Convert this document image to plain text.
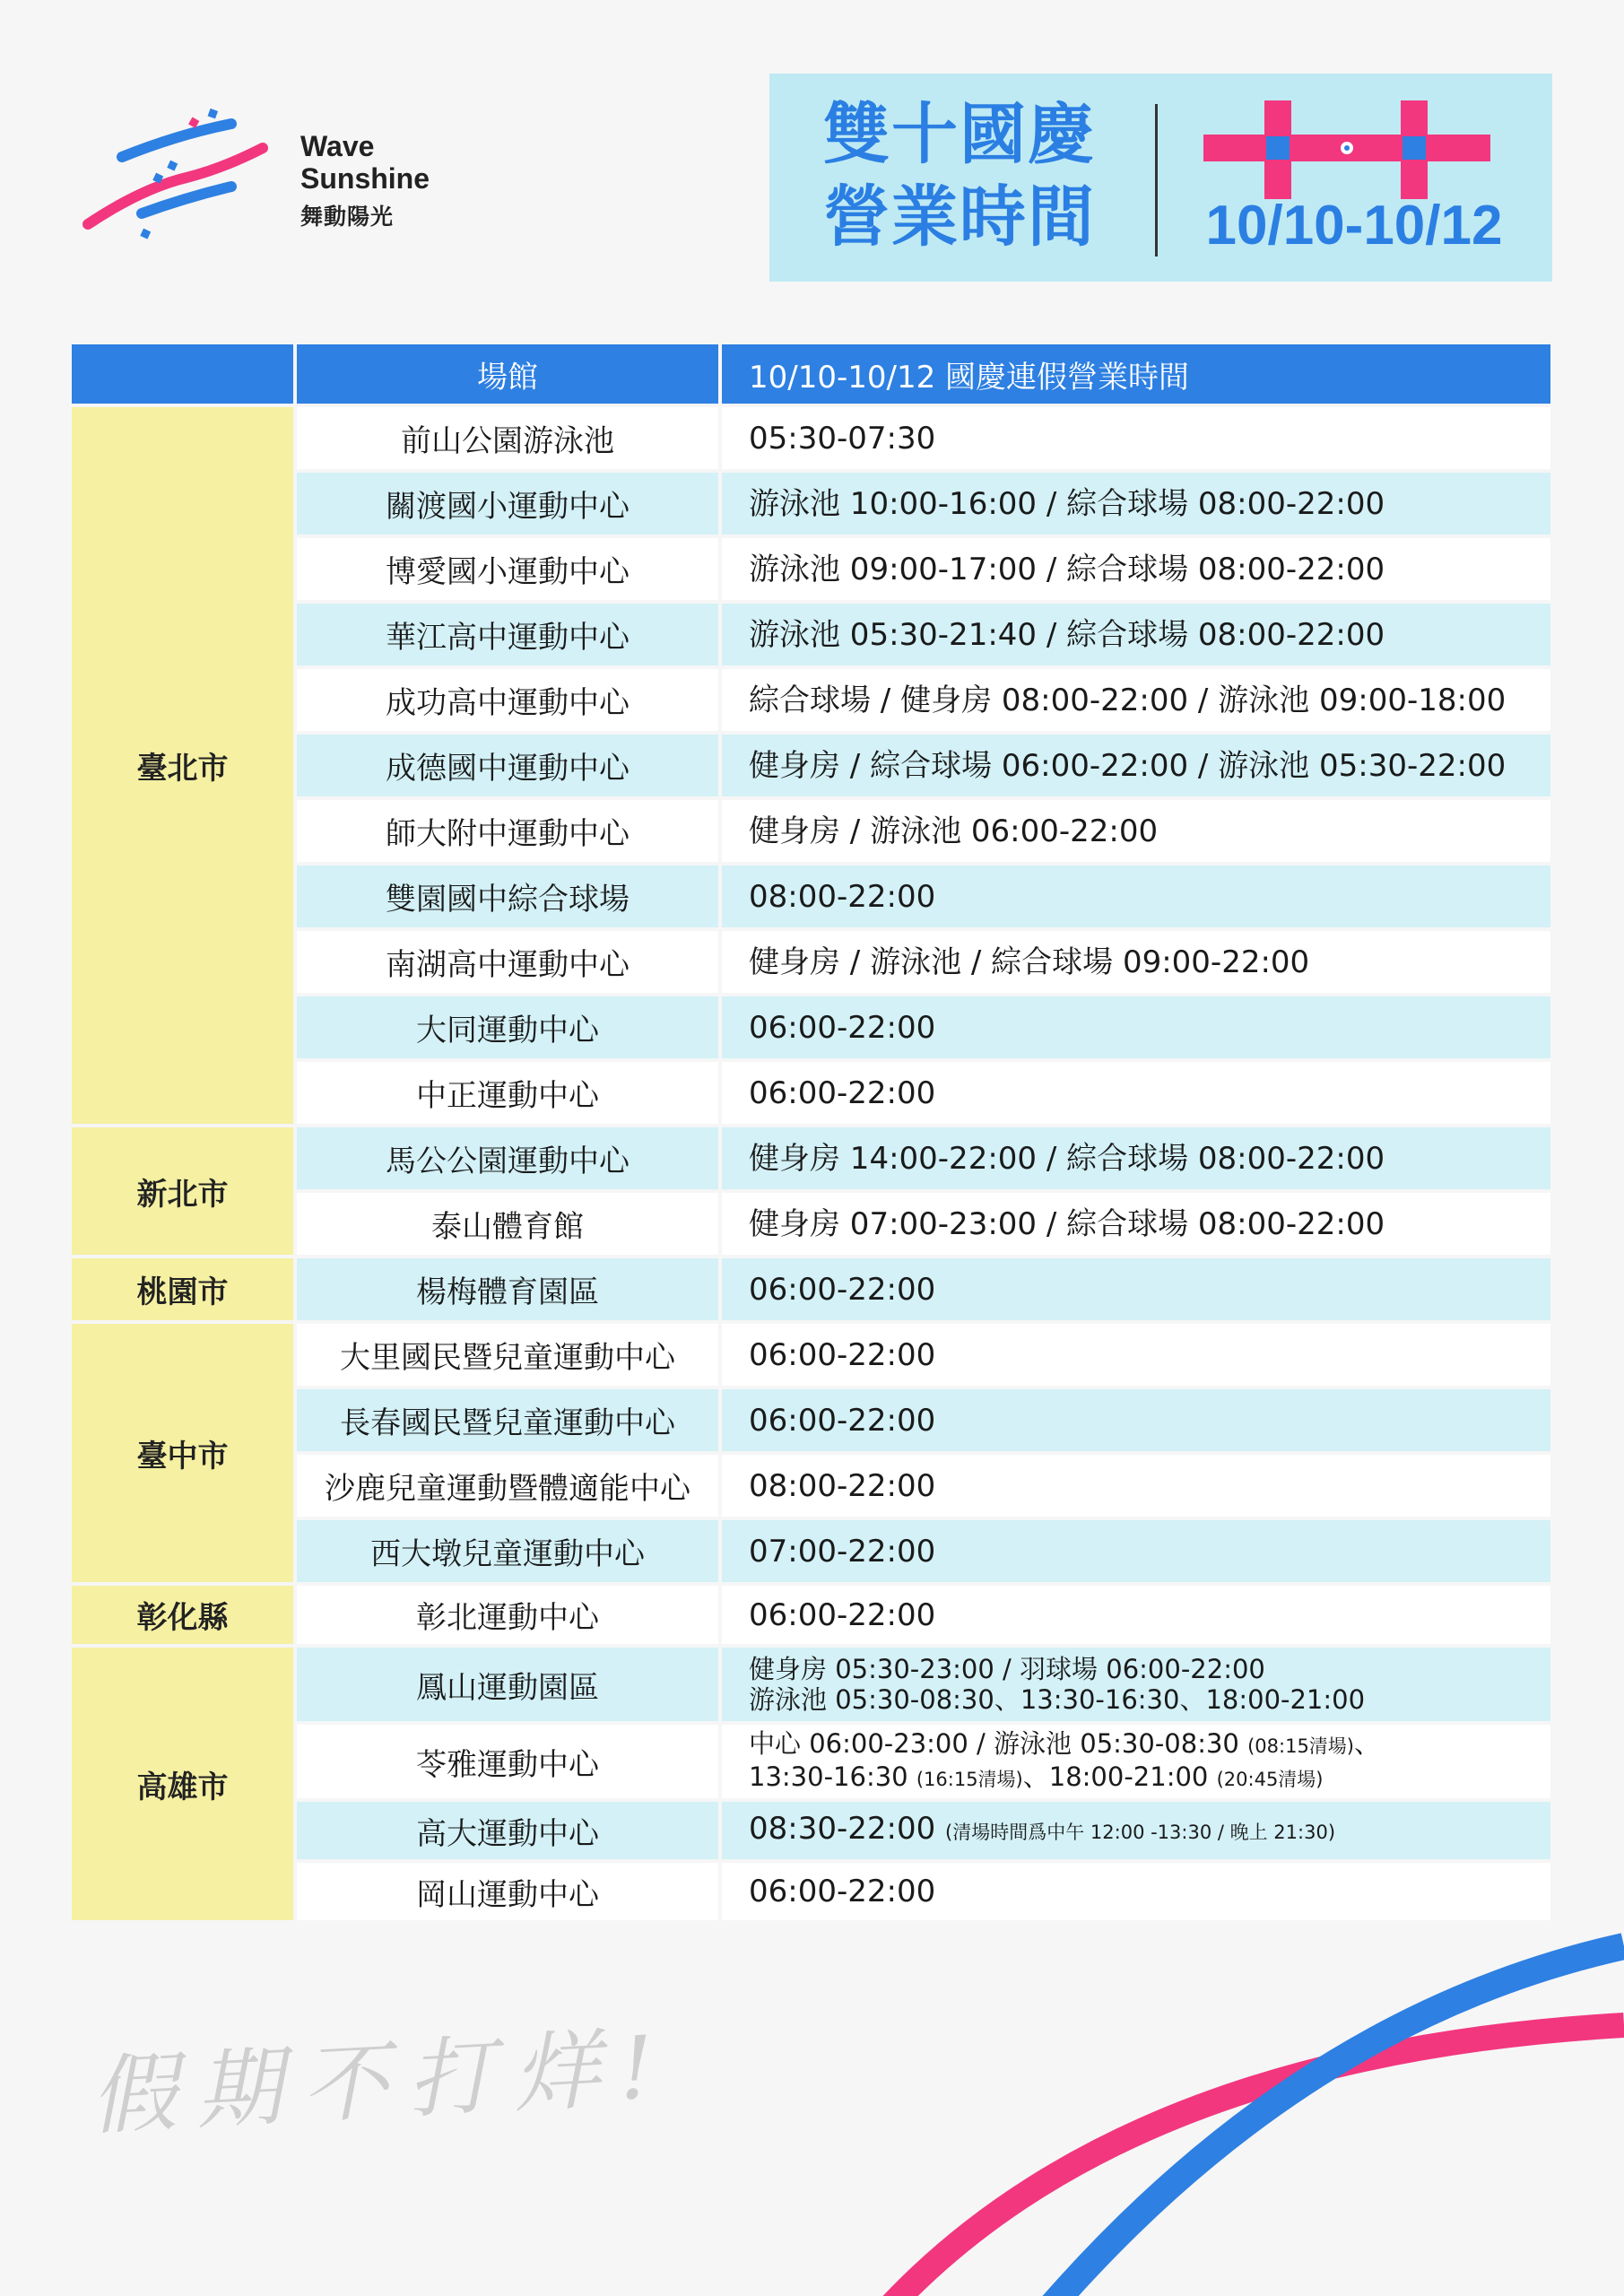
Wave
Sunshine
舞動陽光
雙十國慶
營業時間 10/10-10/12
	場館	10/10-10/12 國慶連假營業時間
臺北市	前山公園游泳池	05:30-07:30
	關渡國小運動中心	游泳池 10:00-16:00 / 綜合球場 08:00-22:00
	博愛國小運動中心	游泳池 09:00-17:00 / 綜合球場 08:00-22:00
	華江高中運動中心	游泳池 05:30-21:40 / 綜合球場 08:00-22:00
	成功高中運動中心	綜合球場 / 健身房 08:00-22:00 / 游泳池 09:00-18:00
	成德國中運動中心	健身房 / 綜合球場 06:00-22:00 / 游泳池 05:30-22:00
	師大附中運動中心	健身房 / 游泳池 06:00-22:00
	雙園國中綜合球場	08:00-22:00
	南湖高中運動中心	健身房 / 游泳池 / 綜合球場 09:00-22:00
	大同運動中心	06:00-22:00
	中正運動中心	06:00-22:00
新北市	馬公公園運動中心	健身房 14:00-22:00 / 綜合球場 08:00-22:00
	泰山體育館	健身房 07:00-23:00 / 綜合球場 08:00-22:00
桃園市	楊梅體育園區	06:00-22:00
臺中市	大里國民暨兒童運動中心	06:00-22:00
	長春國民暨兒童運動中心	06:00-22:00
	沙鹿兒童運動暨體適能中心	08:00-22:00
	西大墩兒童運動中心	07:00-22:00
彰化縣	彰北運動中心	06:00-22:00
高雄市	鳳山運動園區	健身房 05:30-23:00 / 羽球場 06:00-22:00
游泳池 05:30-08:30、13:30-16:30、18:00-21:00

	苓雅運動中心	中心 06:00-23:00 / 游泳池 05:30-08:30 (08:15清場)、
13:30-16:30 (16:15清場)、18:00-21:00 (20:45清場)

	高大運動中心	08:30-22:00 (清場時間爲中午 12:00 -13:30 / 晚上 21:30)
	岡山運動中心	06:00-22:00
假期不打烊!
